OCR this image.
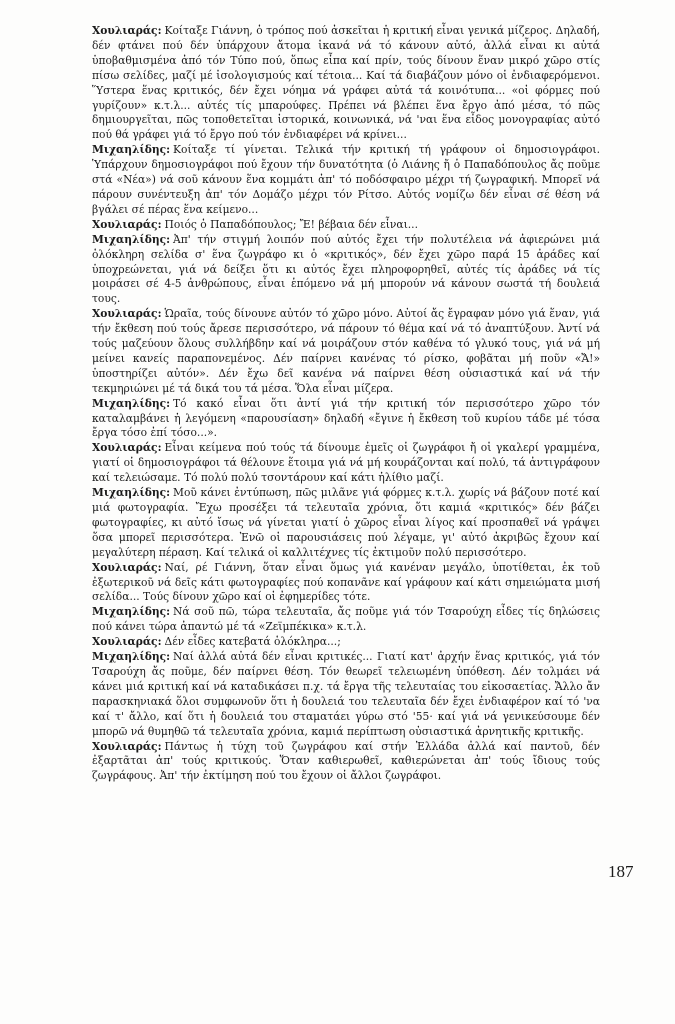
Χουλιαράς: Κοίταξε Γιάννη, ὁ τρόπος πού ἀσκεῖται ἡ κριτική εἶναι γενικά μίζερος. Δηλαδή, δέν φτάνει πού δέν ὑπάρχουν ἄτομα ἱκανά νά τό κάνουν αὐτό, ἀλλά εἶναι κι αὐτά ὑποβαθμισμένα ἀπό τόν Τύπο πού, ὅπως εἶπα καί πρίν, τούς δίνουν ἕναν μικρό χῶρο στίς πίσω σελίδες, μαζί μέ ἰσολογισμούς καί τέτοια... Καί τά διαβάζουν μόνο οἱ ἐνδιαφερόμενοι. Ὕστερα ἕνας κριτικός, δέν ἔχει νόημα νά γράφει αὐτά τά κοινότυπα... «οἱ φόρμες πού γυρίζουν» κ.τ.λ... αὐτές τίς μπαρούφες. Πρέπει νά βλέπει ἕνα ἔργο ἀπό μέσα, τό πῶς δημιουργεῖται, πῶς τοποθετεῖται ἱστορικά, κοινωνικά, νά 'ναι ἕνα εἶδος μονογραφίας αὐτό πού θά γράφει γιά τό ἔργο πού τόν ἐνδιαφέρει νά κρίνει...

Μιχαηλίδης: Κοίταξε τί γίνεται. Τελικά τήν κριτική τή γράφουν οἱ δημοσιογράφοι. Ὑπάρχουν δημοσιογράφοι πού ἔχουν τήν δυνατότητα (ὁ Λιάνης ἤ ὁ Παπαδόπουλος ἄς ποῦμε στά «Νέα») νά σοῦ κάνουν ἕνα κομμάτι ἀπ' τό ποδόσφαιρο μέχρι τή ζωγραφική. Μπορεῖ νά πάρουν συνέντευξη ἀπ' τόν Δομάζο μέχρι τόν Ρίτσο. Αὐτός νομίζω δέν εἶναι σέ θέση νά βγάλει σέ πέρας ἕνα κείμενο...

Χουλιαράς: Ποιός ὁ Παπαδόπουλος; Ἔ! βέβαια δέν εἶναι...

Μιχαηλίδης: Ἀπ' τήν στιγμή λοιπόν πού αὐτός ἔχει τήν πολυτέλεια νά ἀφιερώνει μιά ὁλόκληρη σελίδα σ' ἕνα ζωγράφο κι ὁ «κριτικός», δέν ἔχει χῶρο παρά 15 ἀράδες καί ὑποχρεώνεται, γιά νά δείξει ὅτι κι αὐτός ἔχει πληροφορηθεῖ, αὐτές τίς ἀράδες νά τίς μοιράσει σέ 4-5 ἀνθρώπους, εἶναι ἑπόμενο νά μή μπορούν νά κάνουν σωστά τή δουλειά τους.

Χουλιαράς: Ὡραῖα, τούς δίνουνε αὐτόν τό χῶρο μόνο. Αὐτοί ἄς ἔγραφαν μόνο γιά ἕναν, γιά τήν ἔκθεση πού τούς ἄρεσε περισσότερο, νά πάρουν τό θέμα καί νά τό ἀναπτύξουν. Ἀντί νά τούς μαζεύουν ὅλους συλλήβδην καί νά μοιράζουν στόν καθένα τό γλυκό τους, γιά νά μή μείνει κανείς παραπονεμένος. Δέν παίρνει κανένας τό ρίσκο, φοβᾶται μή ποῦν «Ἄ!» ὑποστηρίζει αὐτόν». Δέν ἔχω δεῖ κανένα νά παίρνει θέση οὐσιαστικά καί νά τήν τεκμηριώνει μέ τά δικά του τά μέσα. Ὅλα εἶναι μίζερα.

Μιχαηλίδης: Τό κακό εἶναι ὅτι ἀντί γιά τήν κριτική τόν περισσότερο χῶρο τόν καταλαμβάνει ἡ λεγόμενη «παρουσίαση» δηλαδή «ἔγινε ἡ ἔκθεση τοῦ κυρίου τάδε μέ τόσα ἔργα τόσο ἐπί τόσο...».

Χουλιαράς: Εἶναι κείμενα πού τούς τά δίνουμε ἐμεῖς οἱ ζωγράφοι ἤ οἱ γκαλερί γραμμένα, γιατί οἱ δημοσιογράφοι τά θέλουνε ἕτοιμα γιά νά μή κουράζονται καί πολύ, τά ἀντιγράφουν καί τελειώσαμε. Τό πολύ πολύ τσοντάρουν καί κάτι ἠλίθιο μαζί.

Μιχαηλίδης: Μοῦ κάνει ἐντύπωση, πῶς μιλᾶνε γιά φόρμες κ.τ.λ. χωρίς νά βάζουν ποτέ καί μιά φωτογραφία. Ἔχω προσέξει τά τελευταῖα χρόνια, ὅτι καμιά «κριτικός» δέν βάζει φωτογραφίες, κι αὐτό ἴσως νά γίνεται γιατί ὁ χῶρος εἶναι λίγος καί προσπαθεῖ νά γράψει ὅσα μπορεῖ περισσότερα. Ἐνῶ οἱ παρουσιάσεις πού λέγαμε, γι' αὐτό ἀκριβῶς ἔχουν καί μεγαλύτερη πέραση. Καί τελικά οἱ καλλιτέχνες τίς ἐκτιμοῦν πολύ περισσότερο.

Χουλιαράς: Ναί, ρέ Γιάννη, ὅταν εἶναι ὅμως γιά κανέναν μεγάλο, ὑποτίθεται, ἐκ τοῦ ἐξωτερικοῦ νά δεῖς κάτι φωτογραφίες πού κοπανᾶνε καί γράφουν καί κάτι σημειώματα μισή σελίδα... Τούς δίνουν χῶρο καί οἱ ἐφημερίδες τότε.

Μιχαηλίδης: Νά σοῦ πῶ, τώρα τελευταῖα, ἄς ποῦμε γιά τόν Τσαρούχη εἶδες τίς δηλώσεις πού κάνει τώρα ἀπαντώ μέ τά «Ζεϊμπέκικα» κ.τ.λ.

Χουλιαράς: Δέν εἶδες κατεβατά ὁλόκληρα...;

Μιχαηλίδης: Ναί ἀλλά αὐτά δέν εἶναι κριτικές... Γιατί κατ' ἀρχήν ἕνας κριτικός, γιά τόν Τσαρούχη ἄς ποῦμε, δέν παίρνει θέση. Τόν θεωρεῖ τελειωμένη ὑπόθεση. Δέν τολμάει νά κάνει μιά κριτική καί νά καταδικάσει π.χ. τά ἔργα τῆς τελευταίας του εἰκοσαετίας. Ἄλλο ἄν παρασκηνιακά ὅλοι συμφωνοῦν ὅτι ἡ δουλειά του τελευταῖα δέν ἔχει ἐνδιαφέρον καί τό 'να καί τ' ἄλλο, καί ὅτι ἡ δουλειά του σταματάει γύρω στό '55· καί γιά νά γενικεύσουμε δέν μπορῶ νά θυμηθῶ τά τελευταῖα χρόνια, καμιά περίπτωση οὐσιαστικά ἀρνητικῆς κριτικῆς.

Χουλιαράς: Πάντως ἡ τύχη τοῦ ζωγράφου καί στήν Ἑλλάδα ἀλλά καί παντοῦ, δέν ἐξαρτᾶται ἀπ' τούς κριτικούς. Ὅταν καθιερωθεῖ, καθιερώνεται ἀπ' τούς ἴδιους τούς ζωγράφους. Ἀπ' τήν ἐκτίμηση πού του ἔχουν οἱ ἄλλοι ζωγράφοι.

187
